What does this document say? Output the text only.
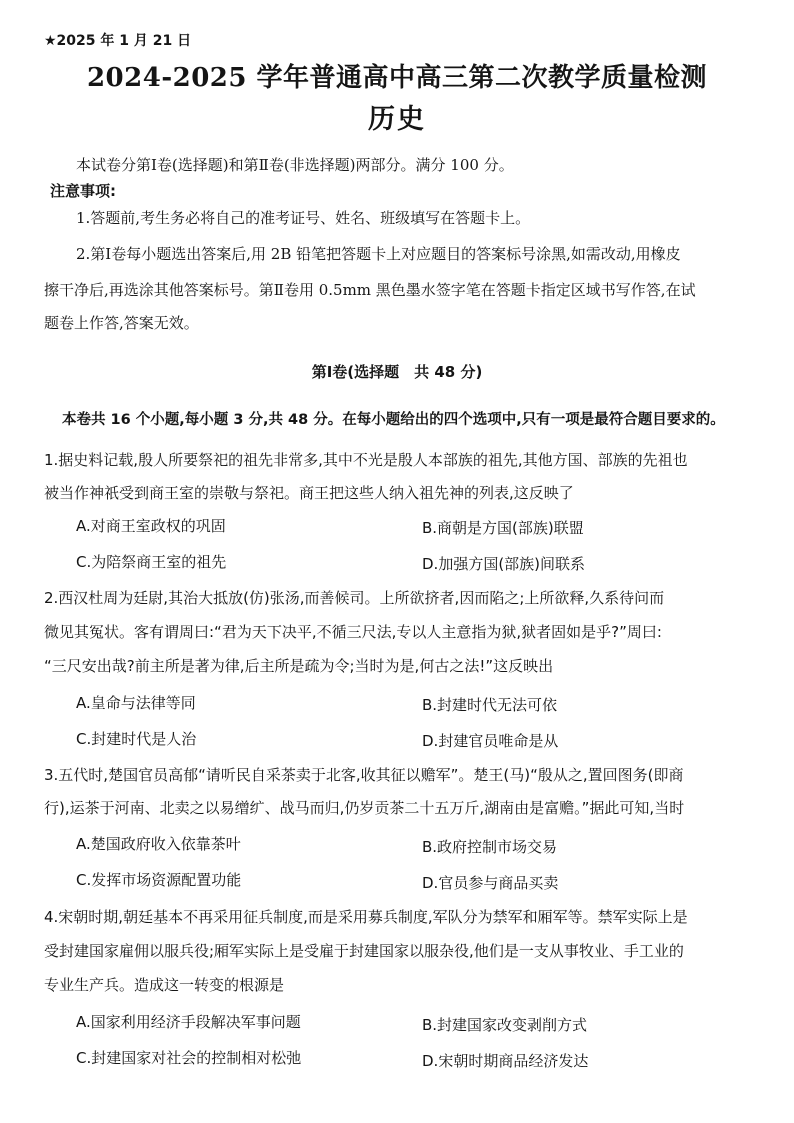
★2025 年 1 月 21 日
2024-2025 学年普通高中高三第二次教学质量检测
历史
本试卷分第Ⅰ卷(选择题)和第Ⅱ卷(非选择题)两部分。满分 100 分。
注意事项:
1.答题前,考生务必将自己的准考证号、姓名、班级填写在答题卡上。
2.第Ⅰ卷每小题选出答案后,用 2B 铅笔把答题卡上对应题目的答案标号涂黑,如需改动,用橡皮
擦干净后,再选涂其他答案标号。第Ⅱ卷用 0.5mm 黑色墨水签字笔在答题卡指定区域书写作答,在试
题卷上作答,答案无效。
第Ⅰ卷(选择题　共 48 分)
本卷共 16 个小题,每小题 3 分,共 48 分。在每小题给出的四个选项中,只有一项是最符合题目要求的。
1.据史料记载,殷人所要祭祀的祖先非常多,其中不光是殷人本部族的祖先,其他方国、部族的先祖也
被当作神祇受到商王室的崇敬与祭祀。商王把这些人纳入祖先神的列表,这反映了
A.对商王室政权的巩固	B.商朝是方国(部族)联盟
C.为陪祭商王室的祖先	D.加强方国(部族)间联系
2.西汉杜周为廷尉,其治大抵放(仿)张汤,而善候司。上所欲挤者,因而陷之;上所欲释,久系待问而
微见其冤状。客有谓周曰:“君为天下决平,不循三尺法,专以人主意指为狱,狱者固如是乎?”周曰:
“三尺安出哉?前主所是著为律,后主所是疏为令;当时为是,何古之法!”这反映出
A.皇命与法律等同	B.封建时代无法可依
C.封建时代是人治	D.封建官员唯命是从
3.五代时,楚国官员高郁“请听民自采茶卖于北客,收其征以赡军”。楚王(马)“殷从之,置回图务(即商
行),运茶于河南、北卖之以易缯纩、战马而归,仍岁贡茶二十五万斤,湖南由是富赡。”据此可知,当时
A.楚国政府收入依靠茶叶	B.政府控制市场交易
C.发挥市场资源配置功能	D.官员参与商品买卖
4.宋朝时期,朝廷基本不再采用征兵制度,而是采用募兵制度,军队分为禁军和厢军等。禁军实际上是
受封建国家雇佣以服兵役;厢军实际上是受雇于封建国家以服杂役,他们是一支从事牧业、手工业的
专业生产兵。造成这一转变的根源是
A.国家利用经济手段解决军事问题	B.封建国家改变剥削方式
C.封建国家对社会的控制相对松弛	D.宋朝时期商品经济发达
